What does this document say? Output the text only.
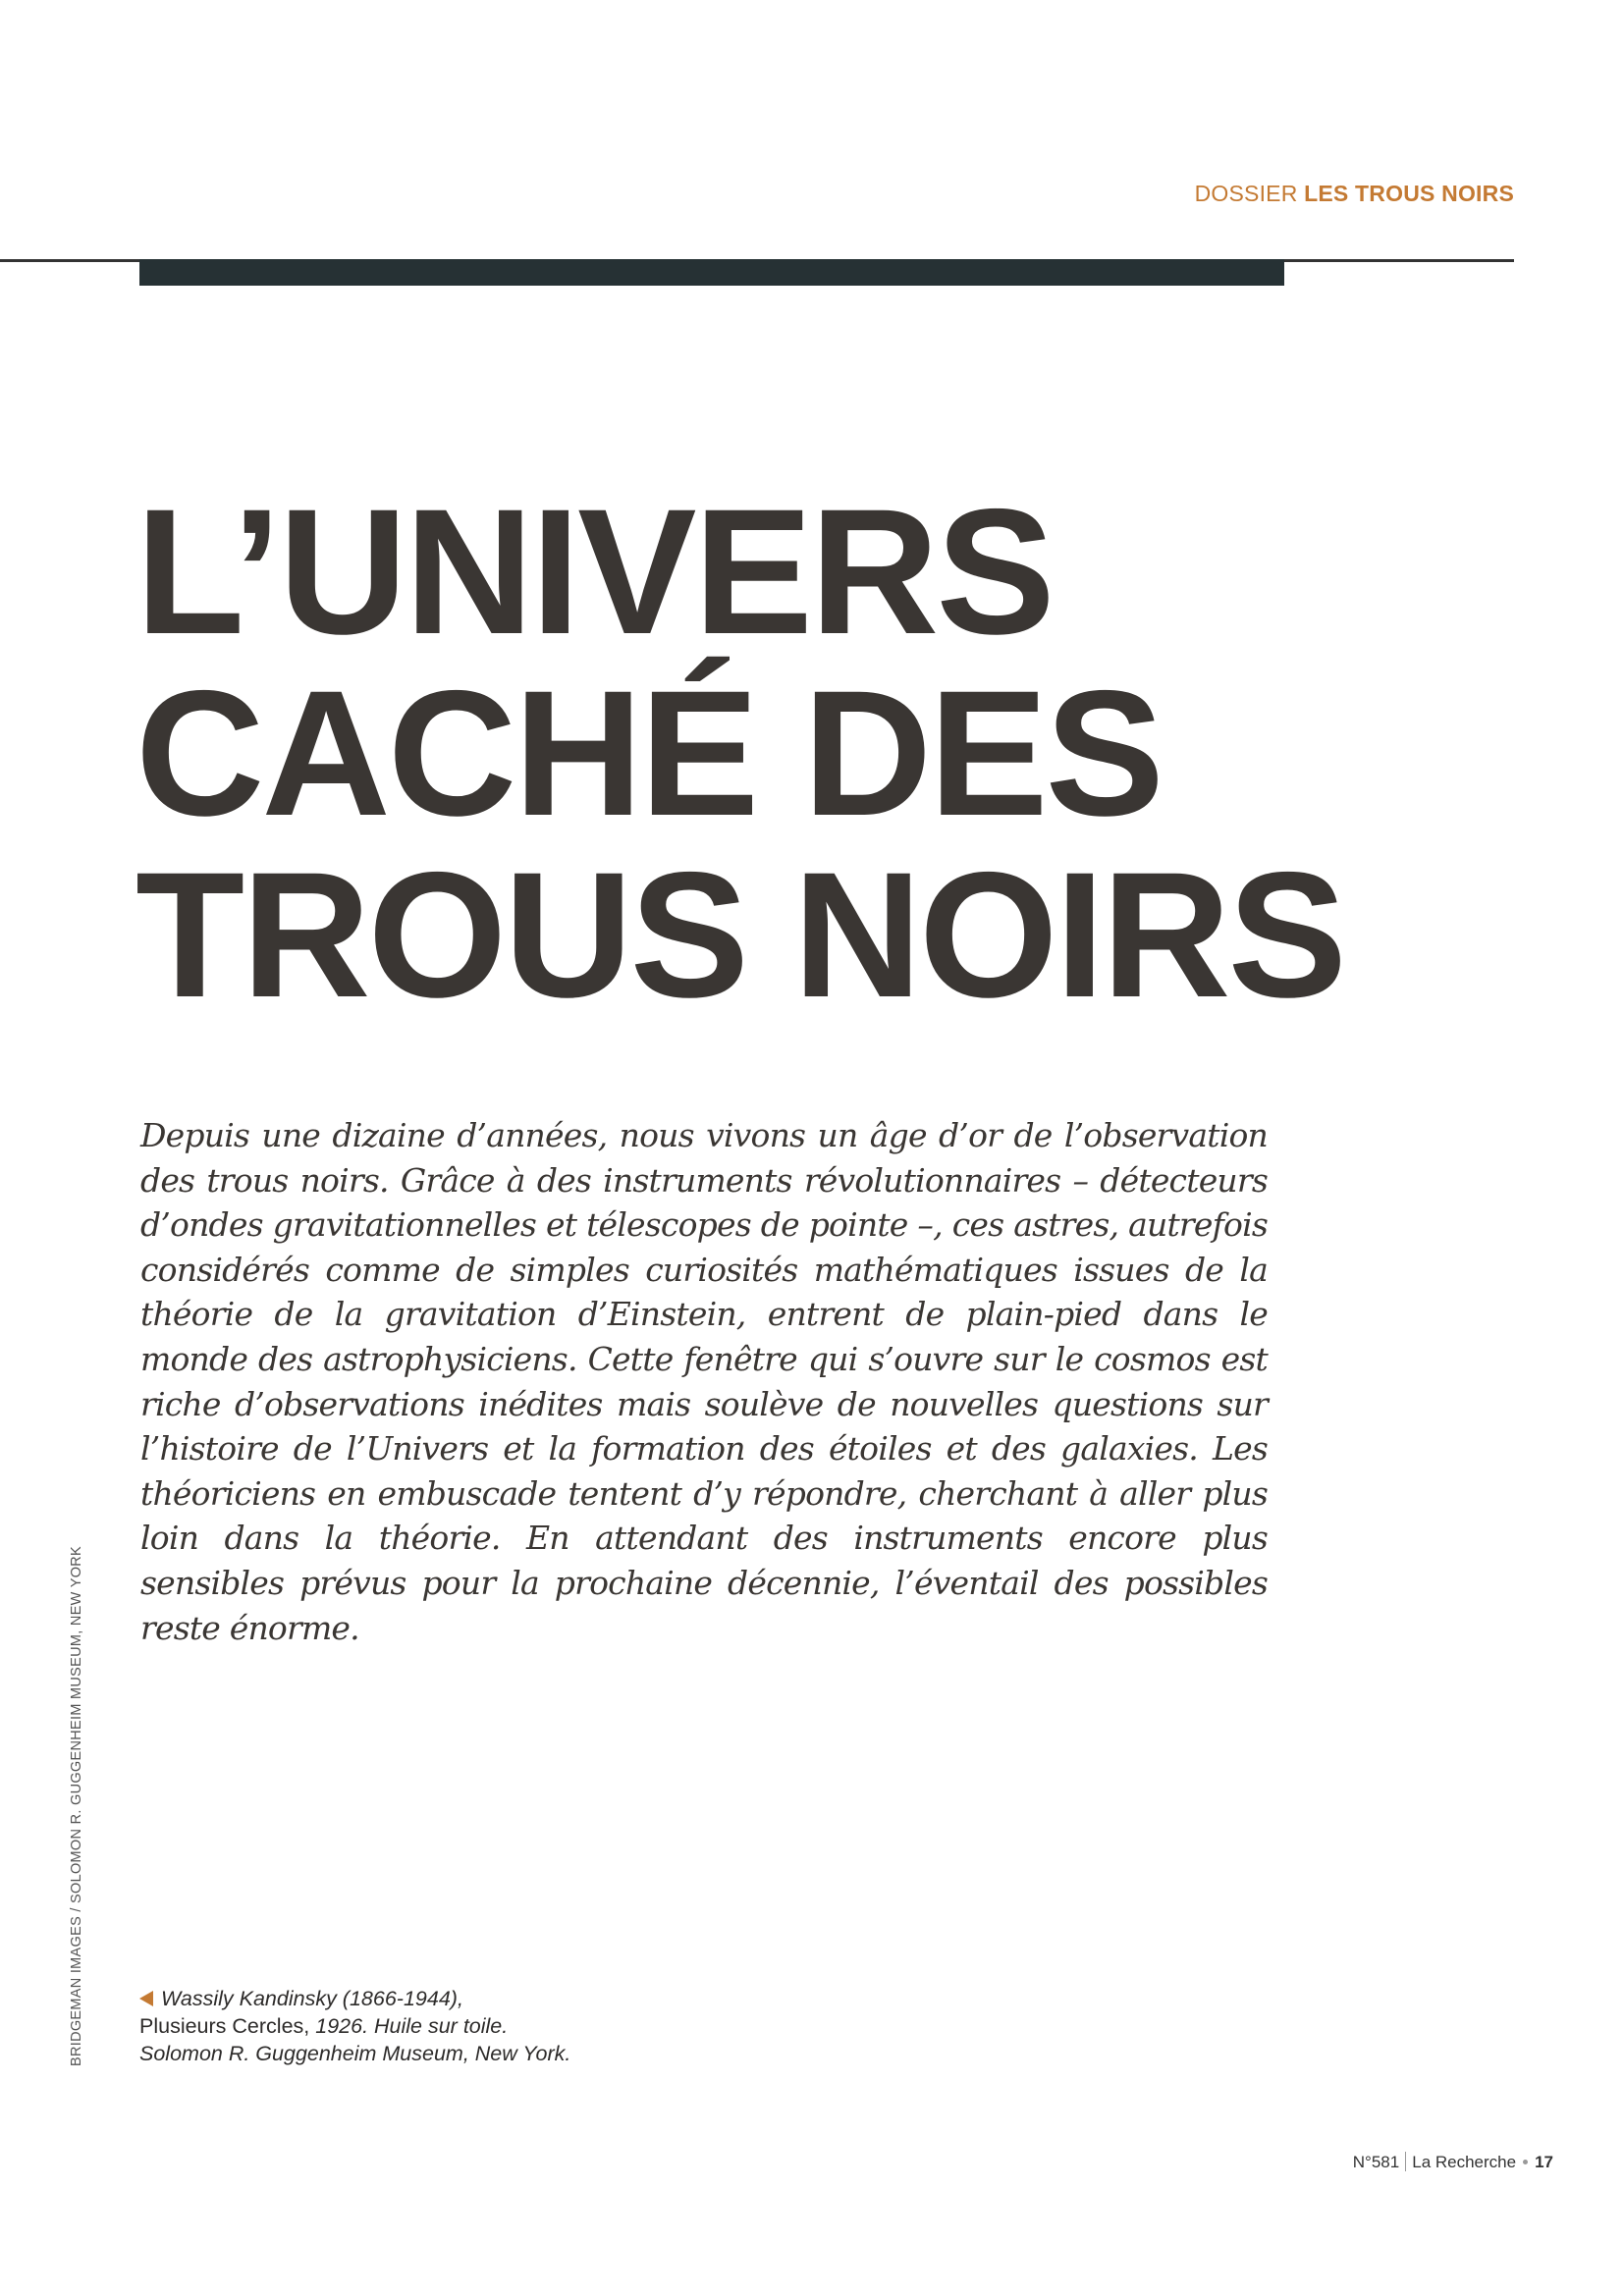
DOSSIER LES TROUS NOIRS
L’UNIVERS
CACHÉ DES
TROUS NOIRS

Depuis une dizaine d’années, nous vivons un âge d’or de l’observation des trous noirs. Grâce à des instruments révolutionnaires – détecteurs d’ondes gravitationnelles et télescopes de pointe –, ces astres, autrefois considérés comme de simples curiosités mathématiques issues de la théorie de la gravitation d’Einstein, entrent de plain-pied dans le monde des astrophysiciens. Cette fenêtre qui s’ouvre sur le cosmos est riche d’observations inédites mais soulève de nouvelles questions sur l’histoire de l’Univers et la formation des étoiles et des galaxies. Les théoriciens en embuscade tentent d’y répondre, cherchant à aller plus loin dans la théorie. En attendant des instruments encore plus sensibles prévus pour la prochaine décennie, l’éventail des possibles reste énorme.

BRIDGEMAN IMAGES / SOLOMON R. GUGGENHEIM MUSEUM, NEW YORK	Wassily Kandinsky (1866-1944),
Plusieurs Cercles, 1926. Huile sur toile.
Solomon R. Guggenheim Museum, New York.
N°581 La Recherche 17
